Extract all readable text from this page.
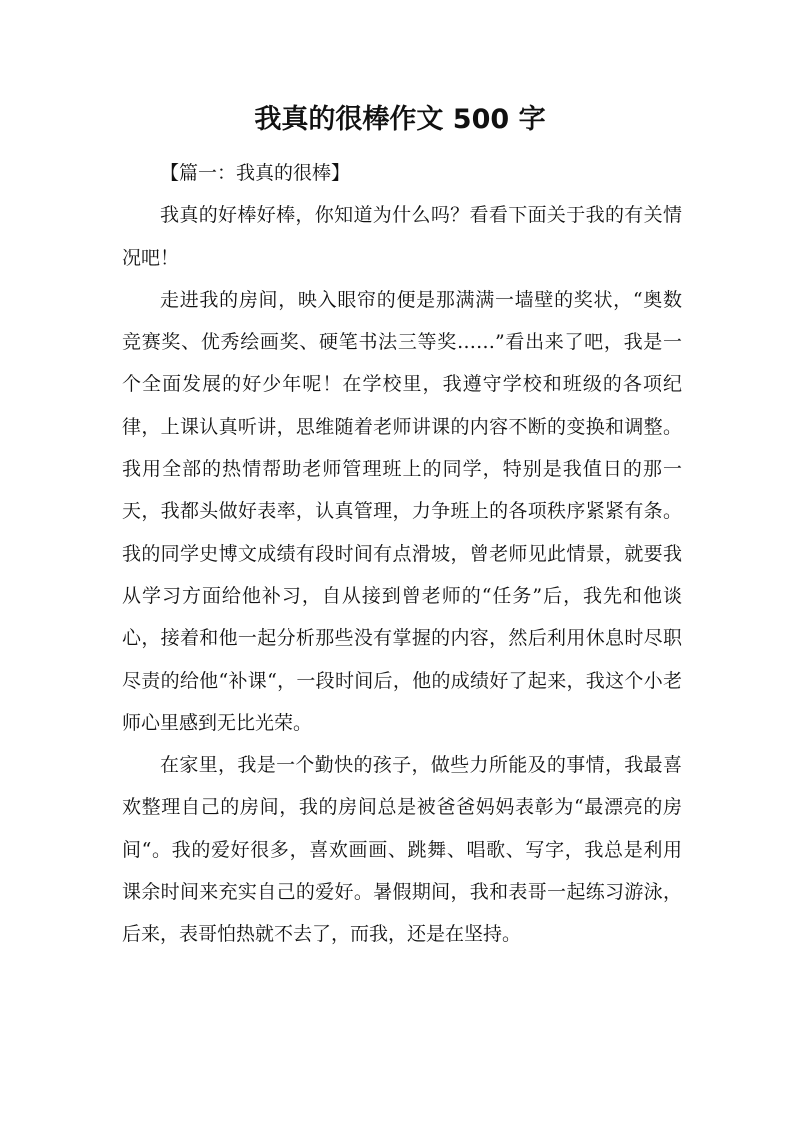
我真的很棒作文 500 字

【篇一：我真的很棒】

我真的好棒好棒，你知道为什么吗？看看下面关于我的有关情况吧！

走进我的房间，映入眼帘的便是那满满一墙壁的奖状，“奥数竞赛奖、优秀绘画奖、硬笔书法三等奖……”看出来了吧，我是一个全面发展的好少年呢！在学校里，我遵守学校和班级的各项纪律，上课认真听讲，思维随着老师讲课的内容不断的变换和调整。我用全部的热情帮助老师管理班上的同学，特别是我值日的那一天，我都头做好表率，认真管理，力争班上的各项秩序紧紧有条。我的同学史博文成绩有段时间有点滑坡，曾老师见此情景，就要我从学习方面给他补习，自从接到曾老师的“任务”后，我先和他谈心，接着和他一起分析那些没有掌握的内容，然后利用休息时尽职尽责的给他“补课“，一段时间后，他的成绩好了起来，我这个小老师心里感到无比光荣。

在家里，我是一个勤快的孩子，做些力所能及的事情，我最喜欢整理自己的房间，我的房间总是被爸爸妈妈表彰为“最漂亮的房间“。我的爱好很多，喜欢画画、跳舞、唱歌、写字，我总是利用课余时间来充实自己的爱好。暑假期间，我和表哥一起练习游泳，后来，表哥怕热就不去了，而我，还是在坚持。
